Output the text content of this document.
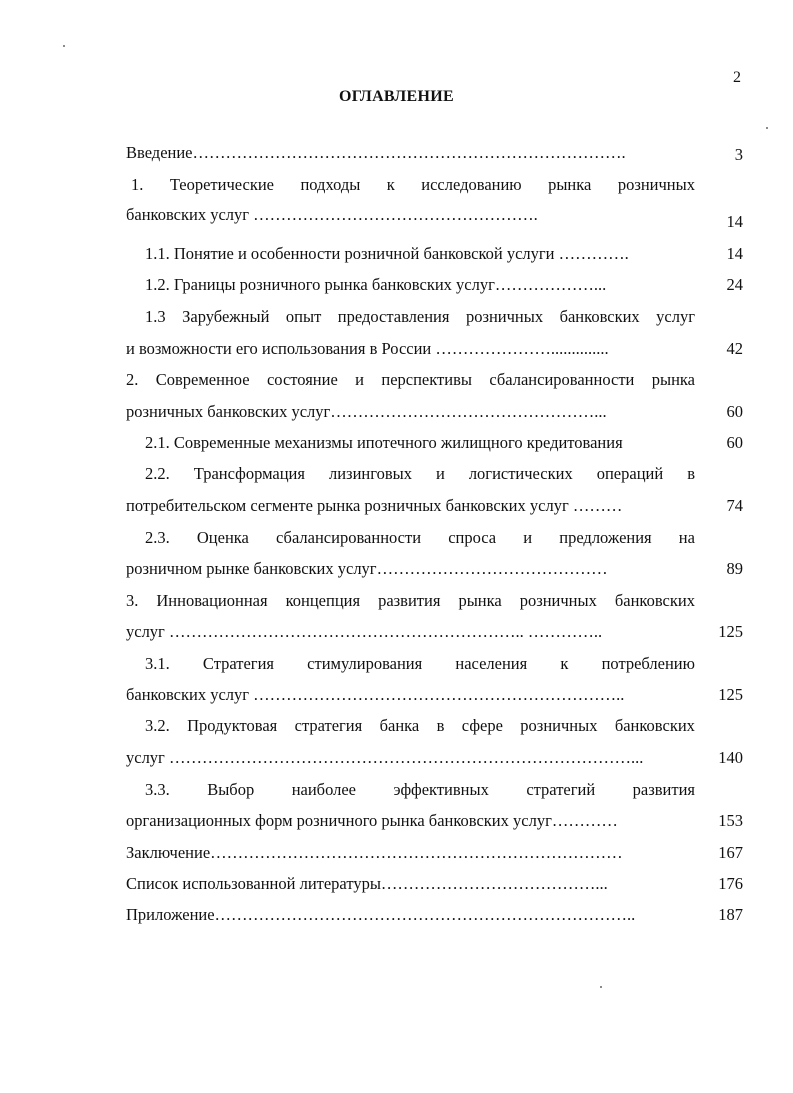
2
ОГЛАВЛЕНИЕ
Введение…………………………………………………………………….	3
1. Теоретические подходы к исследованию рынка розничных
банковских услуг …………………………………………….	14
1.1. Понятие и особенности розничной банковской услуги ………….	14
1.2. Границы розничного рынка банковских услуг………………...	24
1.3 Зарубежный опыт предоставления розничных банковских услуг
и возможности его использования в России …………………..............	42
2. Современное состояние и перспективы сбалансированности рынка
розничных банковских услуг…………………………………………...	60
2.1. Современные механизмы ипотечного жилищного кредитования	60
2.2. Трансформация лизинговых и логистических операций в
потребительском сегменте рынка розничных банковских услуг ………	74
2.3. Оценка сбалансированности спроса и предложения на
розничном рынке банковских услуг……………………………………	89
3. Инновационная концепция развития рынка розничных банковских
услуг ……………………………………………………….. …………..	125
3.1. Стратегия стимулирования населения к потреблению
банковских услуг …………………………………………………………..	125
3.2. Продуктовая стратегия банка в сфере розничных банковских
услуг …………………………………………………………………………...	140
3.3. Выбор наиболее эффективных стратегий развития
организационных форм розничного рынка банковских услуг…………	153
Заключение…………………………………………………………………	167
Список использованной литературы…………………………………...	176
Приложение…………………………………………………………………..	187
